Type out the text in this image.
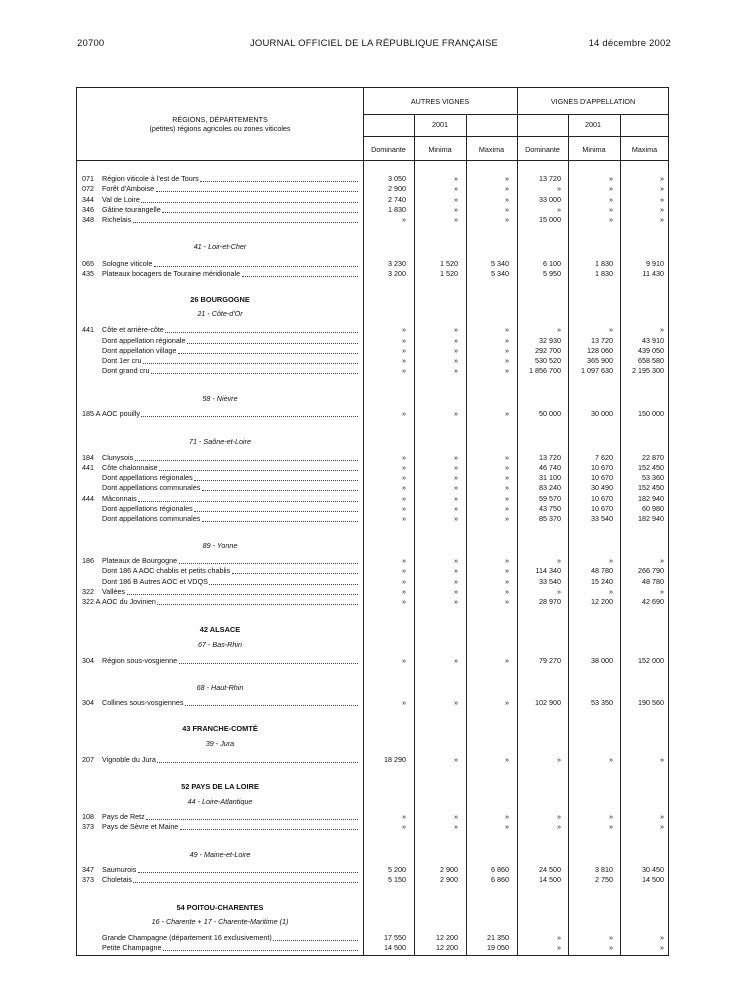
20700	JOURNAL OFFICIEL DE LA RÉPUBLIQUE FRANÇAISE	14 décembre 2002
RÉGIONS, DÉPARTEMENTS
(petites) régions agricoles ou zones viticoles
AUTRES VIGNES	VIGNES D'APPELLATION
2001	2001
Dominante	Minima	Maxima	Dominante	Minima	Maxima
071 Région viticole à l'est de Tours	3 050	»	»	13 720	»	»
072 Forêt d'Amboise	2 900	»	»	»	»	»
344 Val de Loire	2 740	»	»	33 000	»	»
346 Gâtine tourangelle	1 830	»	»	»	»	»
348 Richelais	»	»	»	15 000	»	»
41 - Loir-et-Cher
065 Sologne viticole	3 230	1 520	5 340	6 100	1 830	9 910
435 Plateaux bocagers de Touraine méridionale	3 200	1 520	5 340	5 950	1 830	11 430
26 BOURGOGNE
21 - Côte-d'Or
441 Côte et arrière-côte	»	»	»	»	»	»
Dont appellation régionale	»	»	»	32 930	13 720	43 910
Dont appellation village	»	»	»	292 700	128 060	439 050
Dont 1er cru	»	»	»	530 520	365 900	658 580
Dont grand cru	»	»	»	1 856 700	1 097 630	2 195 300
58 - Nièvre
185 A AOC pouilly	»	»	»	50 000	30 000	150 000
71 - Saône-et-Loire
184 Clunysois	»	»	»	13 720	7 620	22 870
441 Côte chalonnaise	»	»	»	46 740	10 670	152 450
Dont appellations régionales	»	»	»	31 100	10 670	53 360
Dont appellations communales	»	»	»	83 240	30 490	152 450
444 Mâconnais	»	»	»	59 570	10 670	182 940
Dont appellations régionales	»	»	»	43 750	10 670	60 980
Dont appellations communales	»	»	»	85 370	33 540	182 940
89 - Yonne
186 Plateaux de Bourgogne	»	»	»	»	»	»
Dont 186 A AOC chablis et petits chablis	»	»	»	114 340	48 780	266 790
Dont 186 B Autres AOC et VDQS	»	»	»	33 540	15 240	48 780
322 Vallées	»	»	»	»	»	»
322 A AOC du Jovinien	»	»	»	28 970	12 200	42 690
42 ALSACE
67 - Bas-Rhin
304 Région sous-vosgienne	»	»	»	79 270	38 000	152 000
68 - Haut-Rhin
304 Collines sous-vosgiennes	»	»	»	102 900	53 350	190 560
43 FRANCHE-COMTÉ
39 - Jura
207 Vignoble du Jura	18 290	»	»	»	»	»
52 PAYS DE LA LOIRE
44 - Loire-Atlantique
108 Pays de Retz	»	»	»	»	»	»
373 Pays de Sèvre et Maine	»	»	»	»	»	»
49 - Maine-et-Loire
347 Saumurois	5 200	2 900	6 860	24 500	3 810	30 450
373 Choletais	5 150	2 900	6 860	14 500	2 750	14 500
54 POITOU-CHARENTES
16 - Charente + 17 - Charente-Maritime (1)
Grande Champagne (département 16 exclusivement)	17 550	12 200	21 350	»	»	»
Petite Champagne	14 500	12 200	19 050	»	»	»
